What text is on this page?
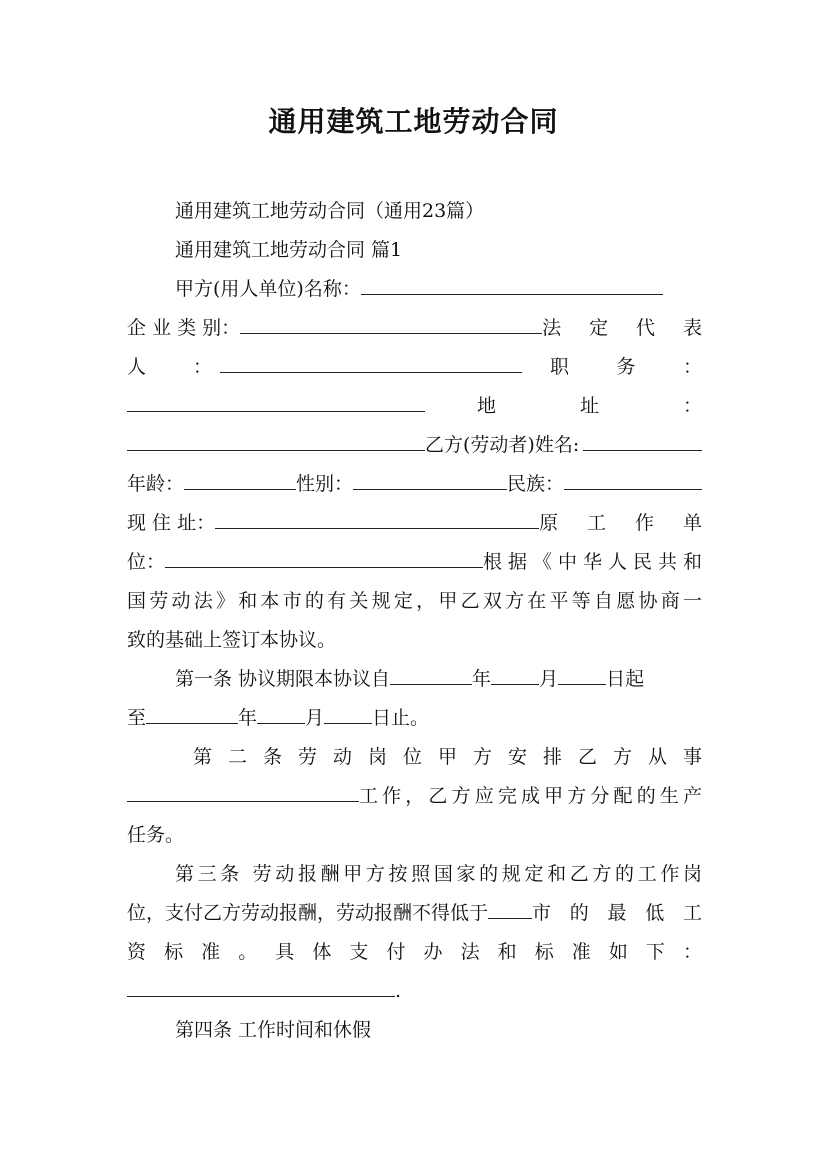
通用建筑工地劳动合同
通用建筑工地劳动合同（通用23篇）
通用建筑工地劳动合同 篇1
甲方(用人单位)名称：
企 业 类 别：	法 定 代 表
人 ：	职 务 ：
地 址 ：
乙方(劳动者)姓名:
年龄：	性别：	民族：
现 住 址：	原 工 作 单
位：	根据《中华人民共和
国劳动法》和本市的有关规定，甲乙双方在平等自愿协商一
致的基础上签订本协议。
第一条 协议期限本协议自	年	月	日起
至	年	月	日止。
第 二 条 劳 动 岗 位 甲 方 安 排 乙 方 从 事
工作，乙方应完成甲方分配的生产
任务。
第三条 劳动报酬甲方按照国家的规定和乙方的工作岗
位，支付乙方劳动报酬，劳动报酬不得低于 市的最低工
资 标 准 。 具 体 支 付 办 法 和 标 准 如 下 ：
.
第四条 工作时间和休假
